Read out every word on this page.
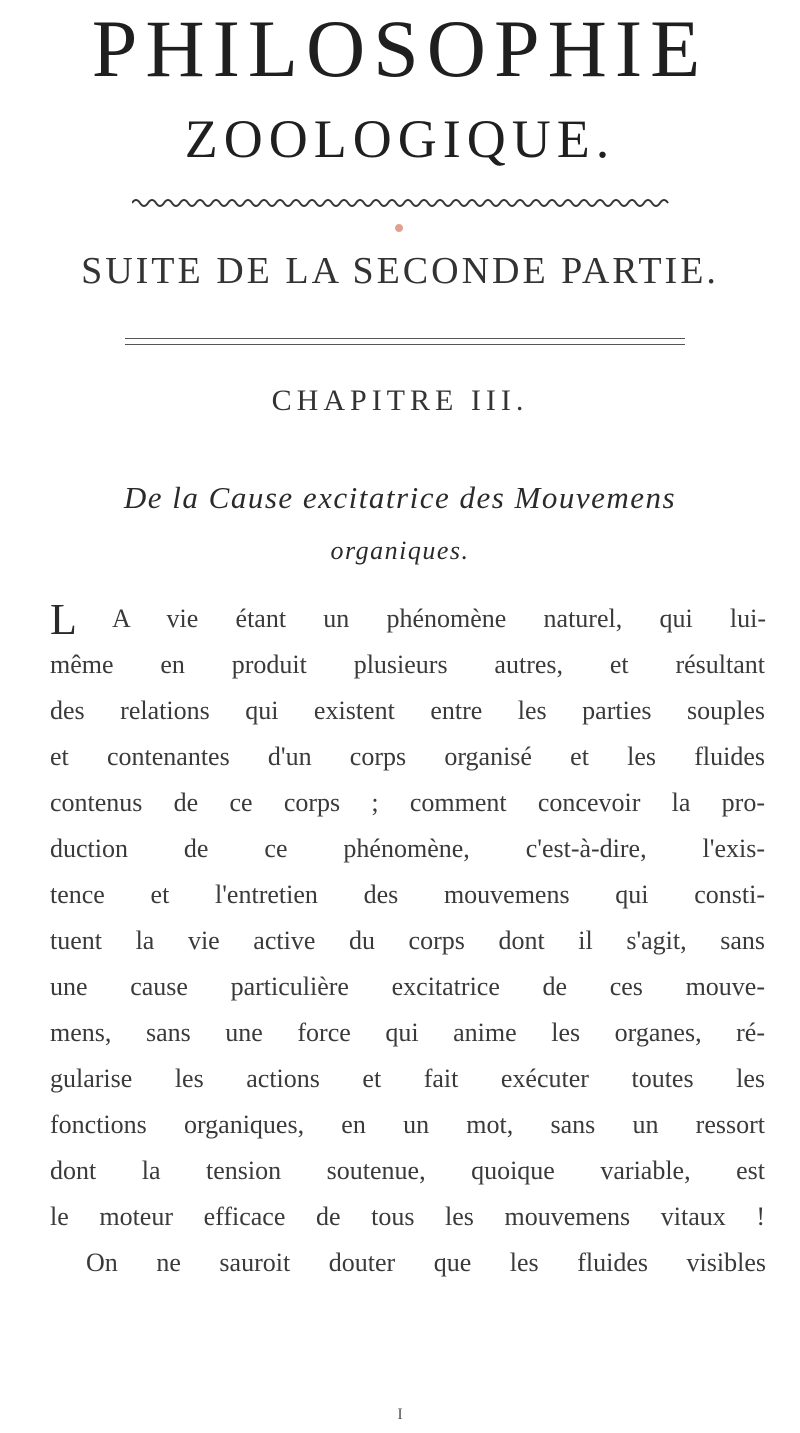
PHILOSOPHIE
ZOOLOGIQUE.
SUITE DE LA SECONDE PARTIE.
CHAPITRE III.
De la Cause excitatrice des Mouvemens
organiques.
L A vie étant un phénomène naturel, qui lui-
même en produit plusieurs autres, et résultant
des relations qui existent entre les parties souples
et contenantes d'un corps organisé et les fluides
contenus de ce corps ; comment concevoir la pro-
duction de ce phénomène, c'est-à-dire, l'exis-
tence et l'entretien des mouvemens qui consti-
tuent la vie active du corps dont il s'agit, sans
une cause particulière excitatrice de ces mouve-
mens, sans une force qui anime les organes, ré-
gularise les actions et fait exécuter toutes les
fonctions organiques, en un mot, sans un ressort
dont la tension soutenue, quoique variable, est
le moteur efficace de tous les mouvemens vitaux !
On ne sauroit douter que les fluides visibles
I
